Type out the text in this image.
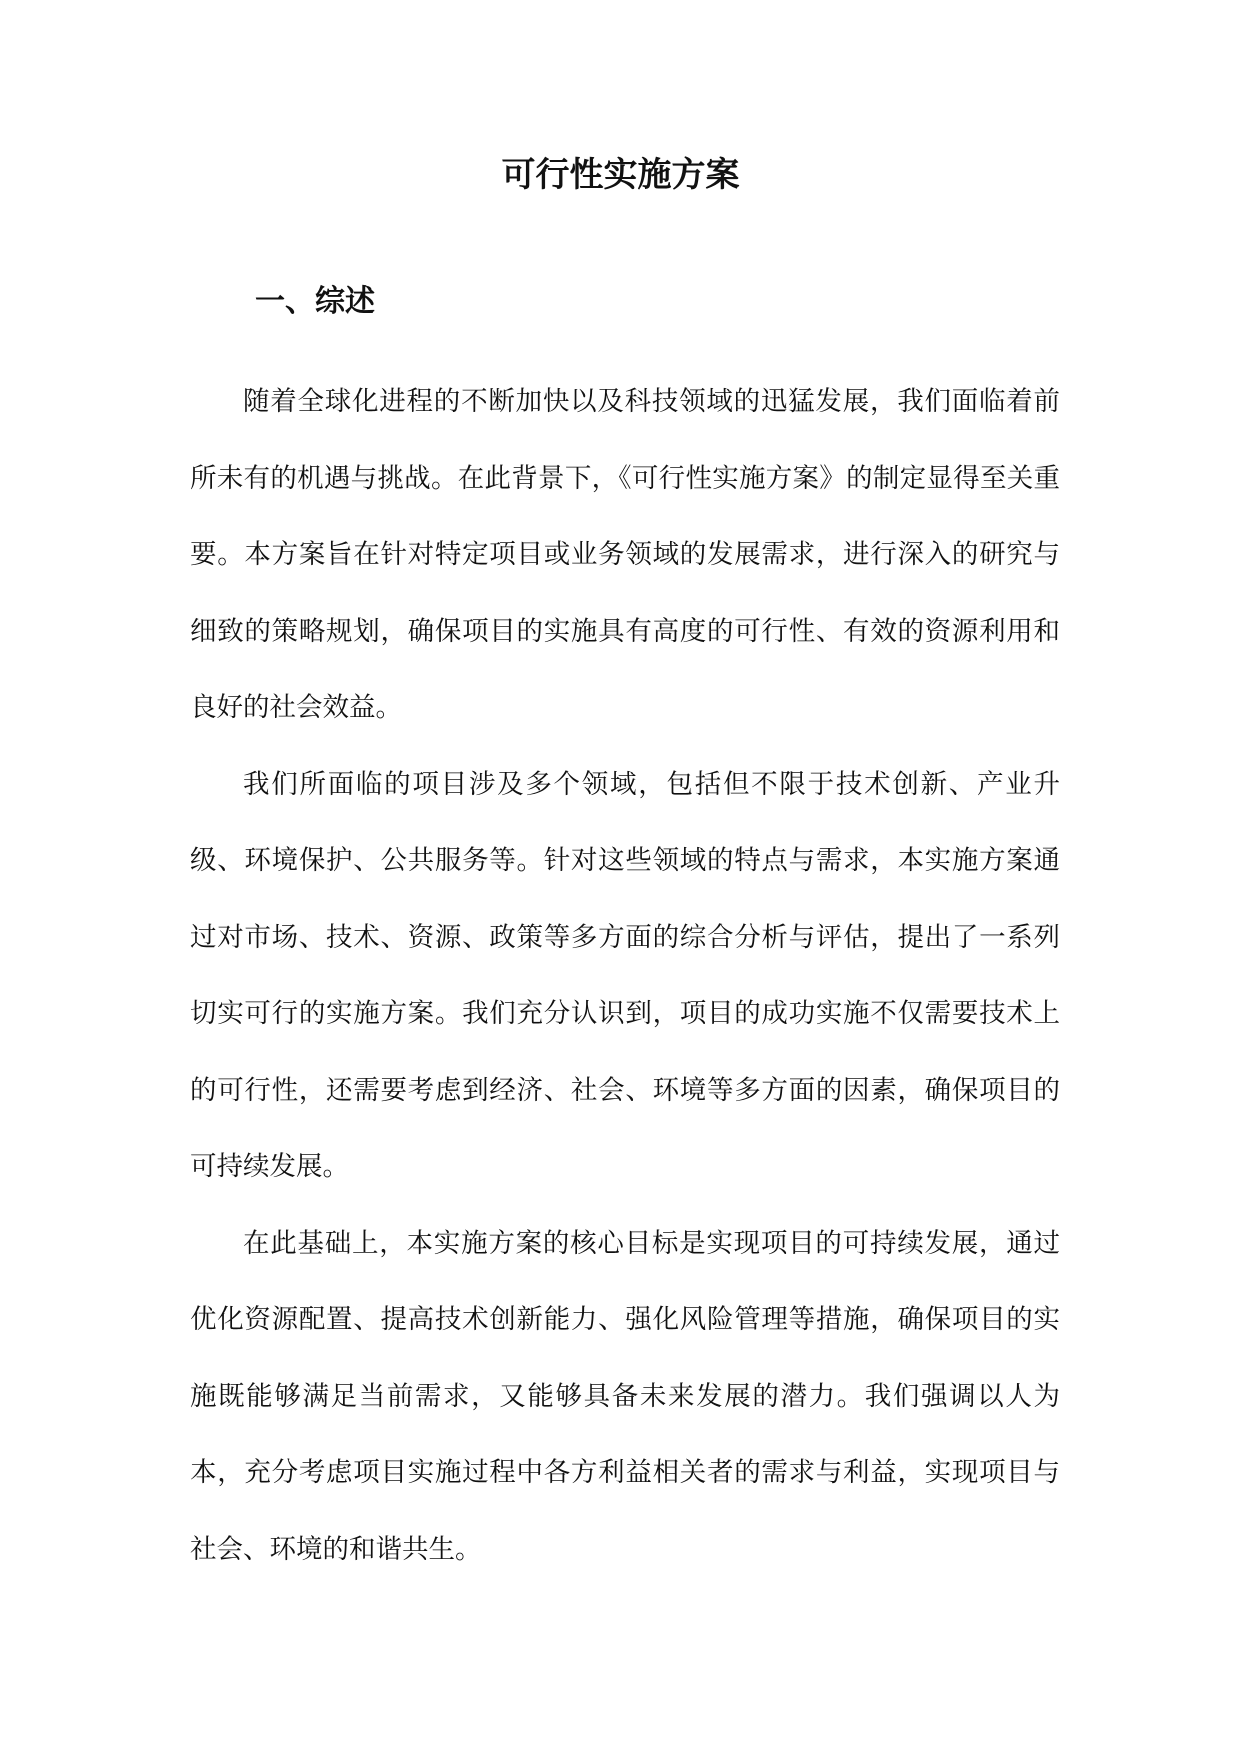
可行性实施方案
一、综述

随着全球化进程的不断加快以及科技领域的迅猛发展，我们面临着前所未有的机遇与挑战。在此背景下，《可行性实施方案》的制定显得至关重要。本方案旨在针对特定项目或业务领域的发展需求，进行深入的研究与细致的策略规划，确保项目的实施具有高度的可行性、有效的资源利用和良好的社会效益。

我们所面临的项目涉及多个领域，包括但不限于技术创新、产业升级、环境保护、公共服务等。针对这些领域的特点与需求，本实施方案通过对市场、技术、资源、政策等多方面的综合分析与评估，提出了一系列切实可行的实施方案。我们充分认识到，项目的成功实施不仅需要技术上的可行性，还需要考虑到经济、社会、环境等多方面的因素，确保项目的可持续发展。

在此基础上，本实施方案的核心目标是实现项目的可持续发展，通过优化资源配置、提高技术创新能力、强化风险管理等措施，确保项目的实施既能够满足当前需求，又能够具备未来发展的潜力。我们强调以人为本，充分考虑项目实施过程中各方利益相关者的需求与利益，实现项目与社会、环境的和谐共生。
